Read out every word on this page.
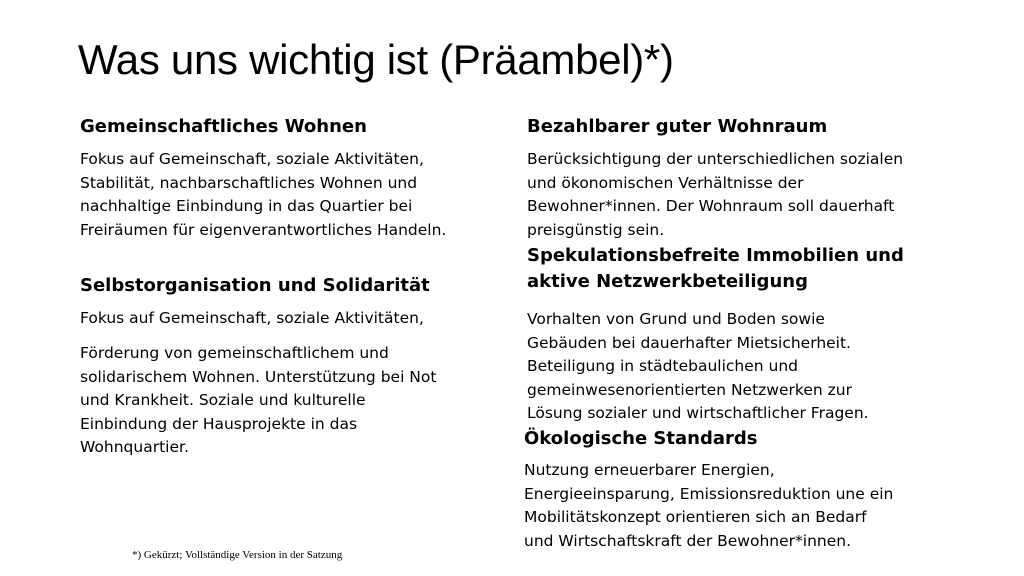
Was uns wichtig ist (Präambel)*)
Gemeinschaftliches Wohnen

Fokus auf Gemeinschaft, soziale Aktivitäten,
Stabilität, nachbarschaftliches Wohnen und
nachhaltige Einbindung in das Quartier bei
Freiräumen für eigenverantwortliches Handeln.

Selbstorganisation und Solidarität

Fokus auf Gemeinschaft, soziale Aktivitäten,

Förderung von gemeinschaftlichem und
solidarischem Wohnen. Unterstützung bei Not
und Krankheit. Soziale und kulturelle
Einbindung der Hausprojekte in das
Wohnquartier.

Bezahlbarer guter Wohnraum

Berücksichtigung der unterschiedlichen sozialen
und ökonomischen Verhältnisse der
Bewohner*innen. Der Wohnraum soll dauerhaft
preisgünstig sein.

Spekulationsbefreite Immobilien und
aktive Netzwerkbeteiligung

Vorhalten von Grund und Boden sowie
Gebäuden bei dauerhafter Mietsicherheit.
Beteiligung in städtebaulichen und
gemeinwesenorientierten Netzwerken zur
Lösung sozialer und wirtschaftlicher Fragen.

Ökologische Standards

Nutzung erneuerbarer Energien,
Energieeinsparung, Emissionsreduktion une ein
Mobilitätskonzept orientieren sich an Bedarf
und Wirtschaftskraft der Bewohner*innen.

*) Gekürzt; Vollständige Version in der Satzung
